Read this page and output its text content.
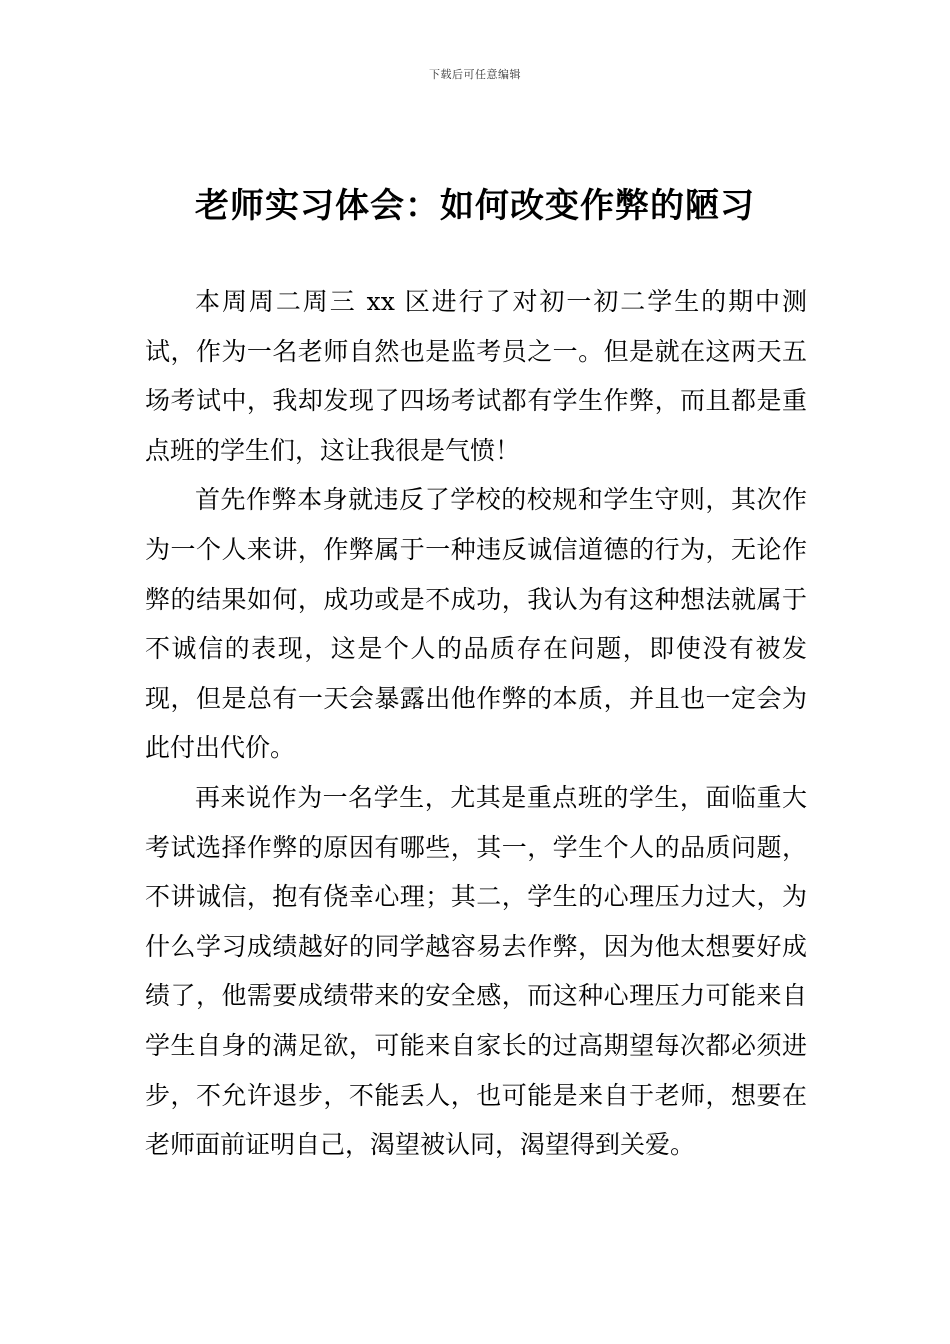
下载后可任意编辑
老师实习体会：如何改变作弊的陋习

本周周二周三 xx 区进行了对初一初二学生的期中测试，作为一名老师自然也是监考员之一。但是就在这两天五场考试中，我却发现了四场考试都有学生作弊，而且都是重点班的学生们，这让我很是气愤！

首先作弊本身就违反了学校的校规和学生守则，其次作为一个人来讲，作弊属于一种违反诚信道德的行为，无论作弊的结果如何，成功或是不成功，我认为有这种想法就属于不诚信的表现，这是个人的品质存在问题，即使没有被发现，但是总有一天会暴露出他作弊的本质，并且也一定会为此付出代价。

再来说作为一名学生，尤其是重点班的学生，面临重大考试选择作弊的原因有哪些，其一，学生个人的品质问题，不讲诚信，抱有侥幸心理；其二，学生的心理压力过大，为什么学习成绩越好的同学越容易去作弊，因为他太想要好成绩了，他需要成绩带来的安全感，而这种心理压力可能来自学生自身的满足欲，可能来自家长的过高期望每次都必须进步，不允许退步，不能丢人，也可能是来自于老师，想要在老师面前证明自己，渴望被认同，渴望得到关爱。
